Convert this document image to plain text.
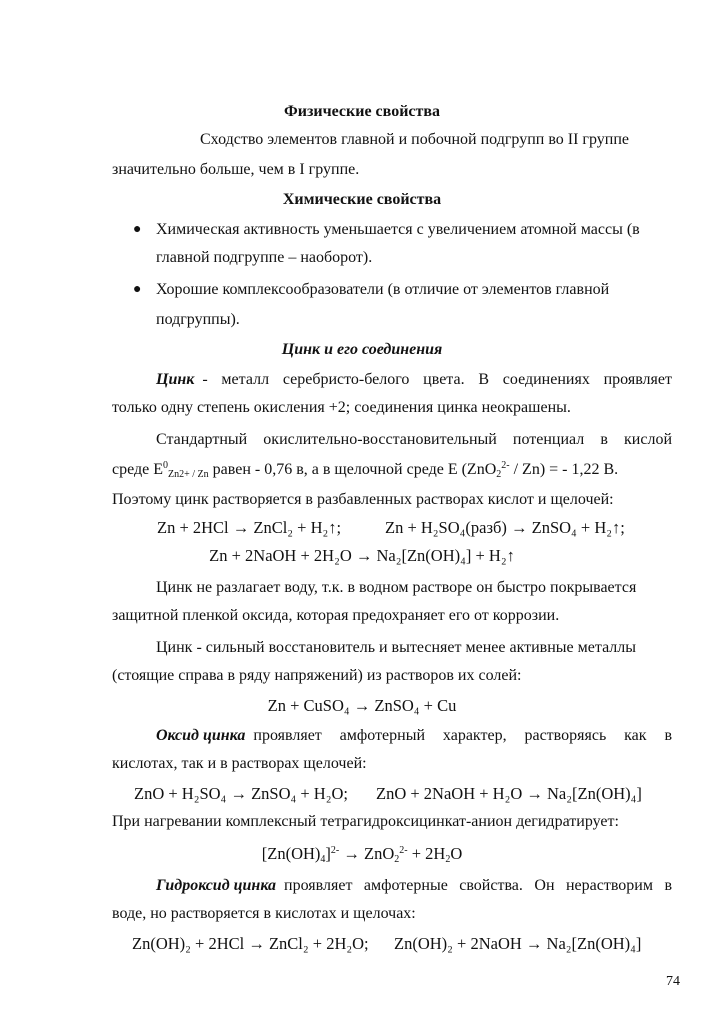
Физические свойства
Сходство элементов главной и побочной подгрупп во II группе
значительно больше, чем в I группе.
Химические свойства
● Химическая активность уменьшается с увеличением атомной массы (в
главной подгруппе – наоборот).
● Хорошие комплексообразователи (в отличие от элементов главной
подгруппы).
Цинк и его соединения
Цинк - металл серебристо-белого цвета. В соединениях проявляет
только одну степень окисления +2; соединения цинка неокрашены.
Стандартный окислительно-восстановительный потенциал в кислой
среде $E^0_{Zn2+ / Zn}$ равен - 0,76 в, а в щелочной среде E (ZnO$_2^{2-}$ / Zn) = - 1,22 В.
Поэтому цинк растворяется в разбавленных растворах кислот и щелочей:
Zn + 2HCl → ZnCl₂ + H₂↑;	Zn + H₂SO₄(разб) → ZnSO₄ + H₂↑;
Zn + 2NaOH + 2H₂O → Na₂[Zn(OH)₄] + H₂↑
Цинк не разлагает воду, т.к. в водном растворе он быстро покрывается
защитной пленкой оксида, которая предохраняет его от коррозии.
Цинк - сильный восстановитель и вытесняет менее активные металлы
(стоящие справа в ряду напряжений) из растворов их солей:
Zn + CuSO₄ → ZnSO₄ + Cu
Оксид цинка проявляет амфотерный характер, растворяясь как в
кислотах, так и в растворах щелочей:
ZnO + H₂SO₄ → ZnSO₄ + H₂O; ZnO + 2NaOH + H₂O → Na₂[Zn(OH)₄]
При нагревании комплексный тетрагидроксицинкат-анион дегидратирует:
$[Zn(OH)_4]^{2-} \to ZnO_2^{2-} + 2H_2O$
Гидроксид цинка проявляет амфотерные свойства. Он нерастворим в
воде, но растворяется в кислотах и щелочах:
Zn(OH)₂ + 2HCl → ZnCl₂ + 2H₂O; Zn(OH)₂ + 2NaOH → Na₂[Zn(OH)₄]
74
